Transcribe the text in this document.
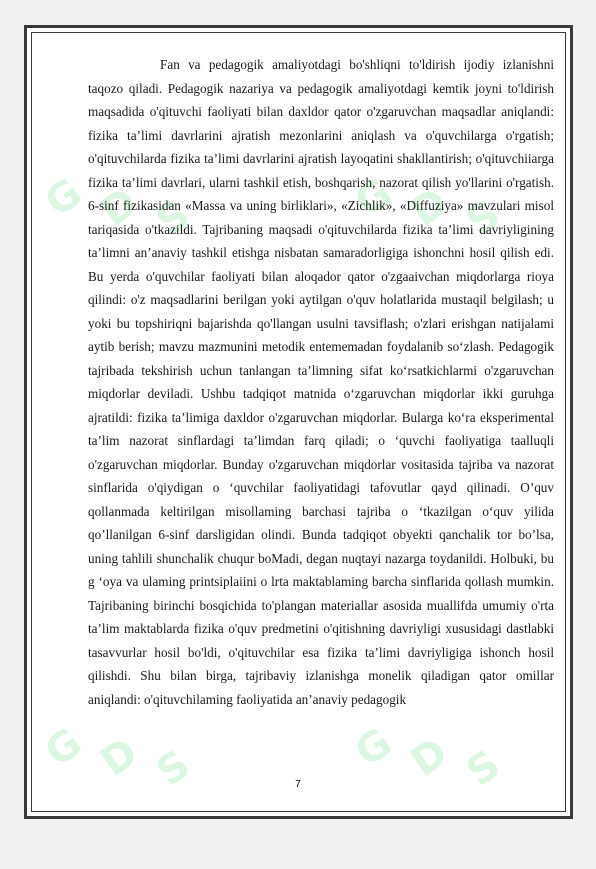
G D S	G D S
G D S	G D S

Fan va pedagogik amaliyotdagi bo'shliqni to'ldirish ijodiy izlanishni taqozo qiladi. Pedagogik nazariya va pedagogik amaliyotdagi kemtik joyni to'ldirish maqsadida o'qituvchi faoliyati bilan daxldor qator o'zgaruvchan maqsadlar aniqlandi: fizika ta’limi davrlarini ajratish mezonlarini aniqlash va o'quvchilarga o'rgatish; o'qituvchilarda fizika ta’limi davrlarini ajratish layoqatini shakllantirish; o'qituvchiiarga fizika ta’limi davrlari, ularni tashkil etish, boshqarish, nazorat qilish yo'llarini o'rgatish. 6-sinf fizikasidan «Massa va uning birliklari», «Zichlik», «Diffuziya» mavzulari misol tariqasida o'tkazildi. Tajribaning maqsadi o'qituvchilarda fizika ta’limi davriyligining ta’limni an’anaviy tashkil etishga nisbatan samaradorligiga ishonchni hosil qilish edi. Bu yerda o'quvchilar faoliyati bilan aloqador qator o'zgaaivchan miqdorlarga rioya qilindi: o'z maqsadlarini berilgan yoki aytilgan o'quv holatlarida mustaqil belgilash; u yoki bu topshiriqni bajarishda qo'llangan usulni tavsiflash; o'zlari erishgan natijalami aytib berish; mavzu mazmunini metodik entememadan foydalanib so‘zlash. Pedagogik tajribada tekshirish uchun tanlangan ta’limning sifat ko‘rsatkichlarmi o'zgaruvchan miqdorlar deviladi. Ushbu tadqiqot matnida o‘zgaruvchan miqdorlar ikki guruhga ajratildi: fizika ta’limiga daxldor o'zgaruvchan miqdorlar. Bularga ko‘ra eksperimental ta’lim nazorat sinflardagi ta’limdan farq qiladi; o ‘quvchi faoliyatiga taalluqli o'zgaruvchan miqdorlar. Bunday o'zgaruvchan miqdorlar vositasida tajriba va nazorat sinflarida o'qiydigan o ‘quvchilar faoliyatidagi tafovutlar qayd qilinadi. O’quv qollanmada keltirilgan misollaming barchasi tajriba o ‘tkazilgan o‘quv yilida qo’llanilgan 6-sinf darsligidan olindi. Bunda tadqiqot obyekti qanchalik tor bo’lsa, uning tahlili shunchalik chuqur boMadi, degan nuqtayi nazarga toydanildi. Holbuki, bu g ‘oya va ulaming printsiplaiini o lrta maktablaming barcha sinflarida qollash mumkin. Tajribaning birinchi bosqichida to'plangan materiallar asosida muallifda umumiy o'rta ta’lim maktablarda fizika o'quv predmetini o'qitishning davriyligi xususidagi dastlabki tasavvurlar hosil bo'ldi, o'qituvchilar esa fizika ta’limi davriyligiga ishonch hosil qilishdi. Shu bilan birga, tajribaviy izlanishga monelik qiladigan qator omillar aniqlandi: o'qituvchilaming faoliyatida an’anaviy pedagogik

7
